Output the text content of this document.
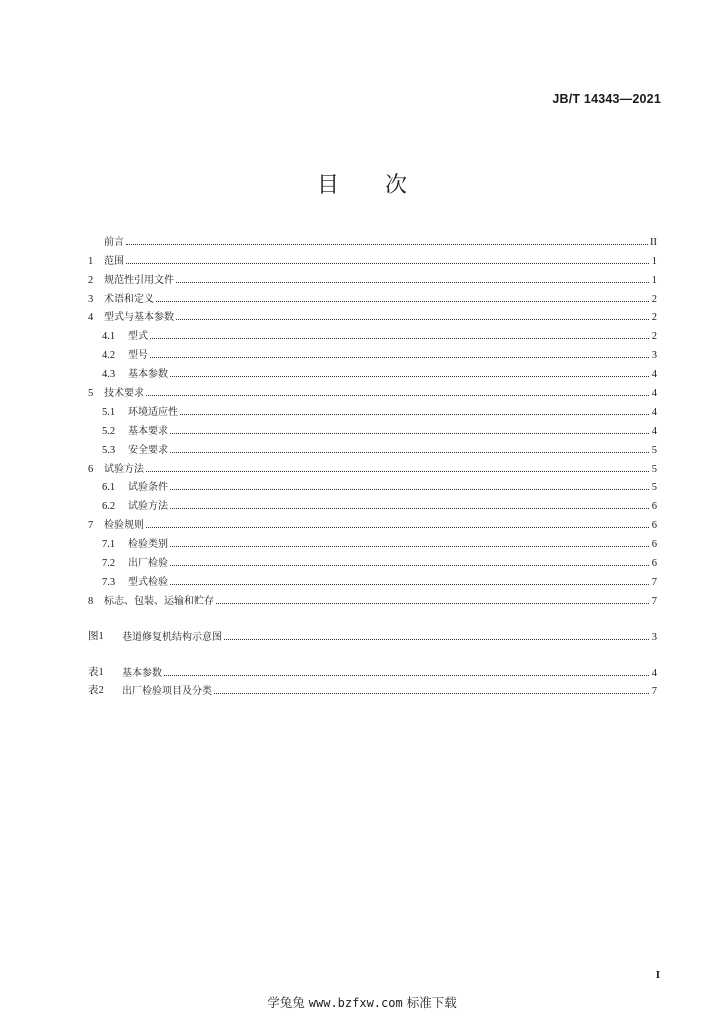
JB/T 14343—2021
目 次
前言	II
1	范围	1
2	规范性引用文件	1
3	术语和定义	2
4	型式与基本参数	2
4.1	型式	2
4.2	型号	3
4.3	基本参数	4
5	技术要求	4
5.1	环境适应性	4
5.2	基本要求	4
5.3	安全要求	5
6	试验方法	5
6.1	试验条件	5
6.2	试验方法	6
7	检验规则	6
7.1	检验类别	6
7.2	出厂检验	6
7.3	型式检验	7
8	标志、包装、运输和贮存	7
图1	巷道修复机结构示意图	3
表1	基本参数	4
表2	出厂检验项目及分类	7
I
学兔兔 www.bzfxw.com 标准下载
